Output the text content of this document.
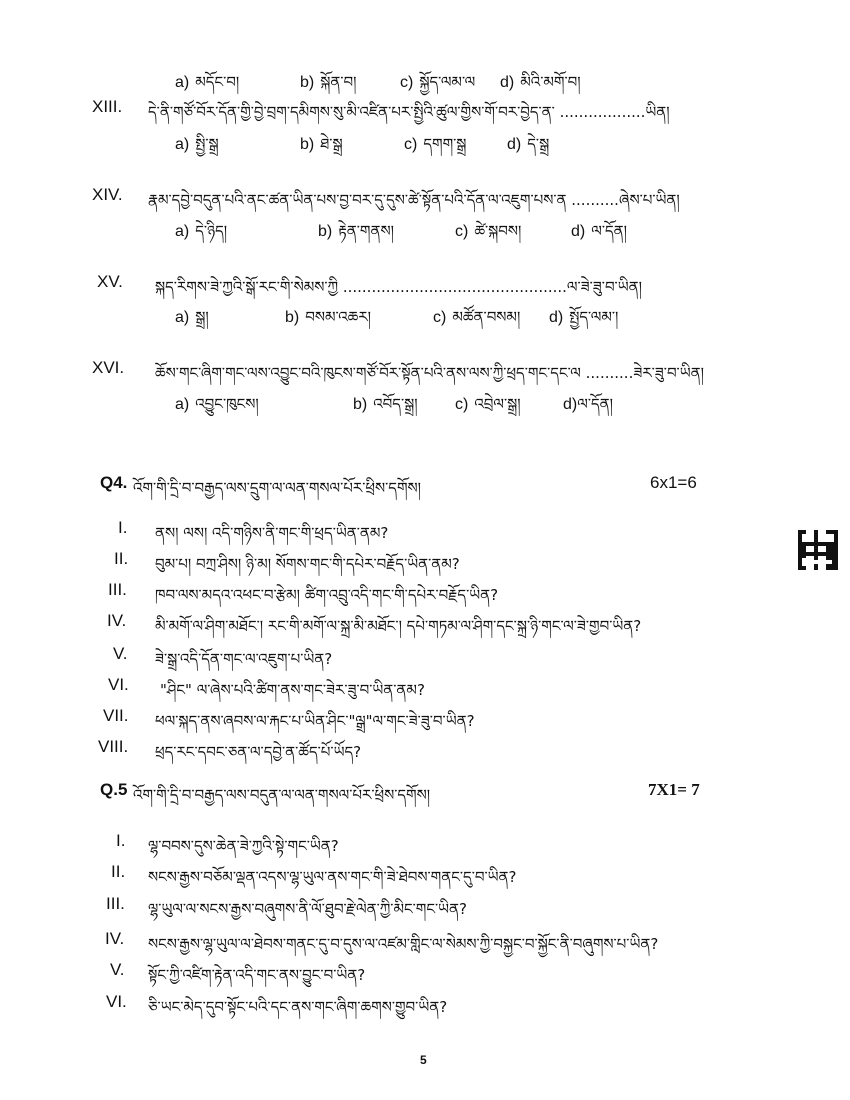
a) མདོང་བ།	b) སྐོན་བ།	c) སྐྱོད་ལམ་ལ d) མིའི་མགོ་བ།
XIII. དེ་ནི་གཙོ་བོར་དོན་གྱི་བྱེ་བྲག་དམིགས་སུ་མི་འཛིན་པར་སྤྱིའི་ཚུལ་གྱིས་གོ་བར་བྱེད་ན་ ..................ཡིན།
a) སྤྱི་སྒྲ	b) ཐེ་སྒྲ	c) དགག་སྒྲ	d) དེ་སྒྲ
XIV. རྣམ་དབྱེ་བདུན་པའི་ནང་ཚན་ཡིན་པས་བྱ་བར་དུ་དུས་ཚེ་སྟོན་པའི་དོན་ལ་འཇུག་པས་ན ..........ཞེས་པ་ཡིན།
a) དེ་ཉིད།	b) རྟེན་གནས།	c) ཚེ་སྐབས།	d) ལ་དོན།
XV. སྐད་རིགས་ཟེ་ཀྱའི་སྒོ་རང་གི་སེམས་ཀྱི ...............................................ལ་ཟེ་ཟུ་བ་ཡིན།
a) སྒྲ།	b) བསམ་འཆར།	c) མཚོན་བསམ། d) སྤྱོད་ལམ་།
XVI. ཆོས་གང་ཞིག་གང་ལས་འབྱུང་བའི་ཁུངས་གཙོ་བོར་སྟོན་པའི་ནས་ལས་ཀྱི་ཕྲད་གང་དང་ལ ..........ཟེར་ཟུ་བ་ཡིན།
a) འབྱུང་ཁུངས།	b) འབོད་སྒྲ། c) འབྲེལ་སྒྲ།	d)ལ་དོན།
Q4. འོག་གི་དྲི་བ་བརྒྱད་ལས་དྲུག་ལ་ལན་གསལ་པོར་ཕྲིས་དགོས།	6x1=6
I. ནས། ལས། འདི་གཉིས་ནི་གང་གི་ཕྲད་ཡིན་ནམ?
II. བུམ་པ། བཀྲ་ཤིས། ཉི་མ། སོགས་གང་གི་དཔེར་བརྗོད་ཡིན་ནམ?
III. ཁབ་ལས་མདའ་འཕང་བ་རྩེམ། ཚིག་འབྲུ་འདི་གང་གི་དཔེར་བརྗོད་ཡིན?
IV. མི་མགོ་ལ་ཤིག་མཐོང་། རང་གི་མགོ་ལ་སྐྲ་མི་མཐོང་། དཔེ་གཏམ་ལ་ཤིག་དང་སྐྲ་ཉི་གང་ལ་ཟེ་གྱབ་ཡིན?
V. ཟེ་སྒྲ་འདི་དོན་གང་ལ་འཇུག་པ་ཡིན?
VI. "ཤིང" ལ་ཞེས་པའི་ཚིག་ནས་གང་ཟེར་ཟུ་བ་ཡིན་ནམ?
VII. ཕལ་སྐད་ནས་ཞབས་ལ་རྐང་པ་ཡིན་ཤིང་"ལྒྲ"ལ་གང་ཟེ་ཟུ་བ་ཡིན?
VIII. ཕྲད་རང་དབང་ཅན་ལ་དབྱེ་ན་ཚོད་པོ་ཡོད?
Q.5 འོག་གི་དྲི་བ་བརྒྱད་ལས་བདུན་ལ་ལན་གསལ་པོར་ཕྲིས་དགོས།	7X1= 7
I. ལྷ་བབས་དུས་ཆེན་ཟེ་ཀྱའི་སྟེ་གང་ཡིན?
II. སངས་རྒྱས་བཅོམ་ལྡན་འདས་ལྷ་ཡུལ་ནས་གང་གི་ཟེ་ཐེབས་གནང་དུ་བ་ཡིན?
III. ལྷ་ཡུལ་ལ་སངས་རྒྱས་བཞུགས་ནི་ལོ་ཐུབ་རྗེ་ལེན་ཀྱི་མིང་གང་ཡིན?
IV. སངས་རྒྱས་ལྷ་ཡུལ་ལ་ཐེབས་གནང་དུ་བ་དུས་ལ་འཛམ་གླིང་ལ་སེམས་ཀྱི་བསྐྱང་བ་སྐྱོང་ནི་བཞུགས་པ་ཡིན?
V. སྟོང་ཀྱི་འཛིག་རྟེན་འདི་གང་ནས་བྱུང་བ་ཡིན?
VI. ཅི་ཡང་མེད་དུབ་སྟོང་པའི་དང་ནས་གང་ཞིག་ཆགས་གྱུབ་ཡིན?
5
